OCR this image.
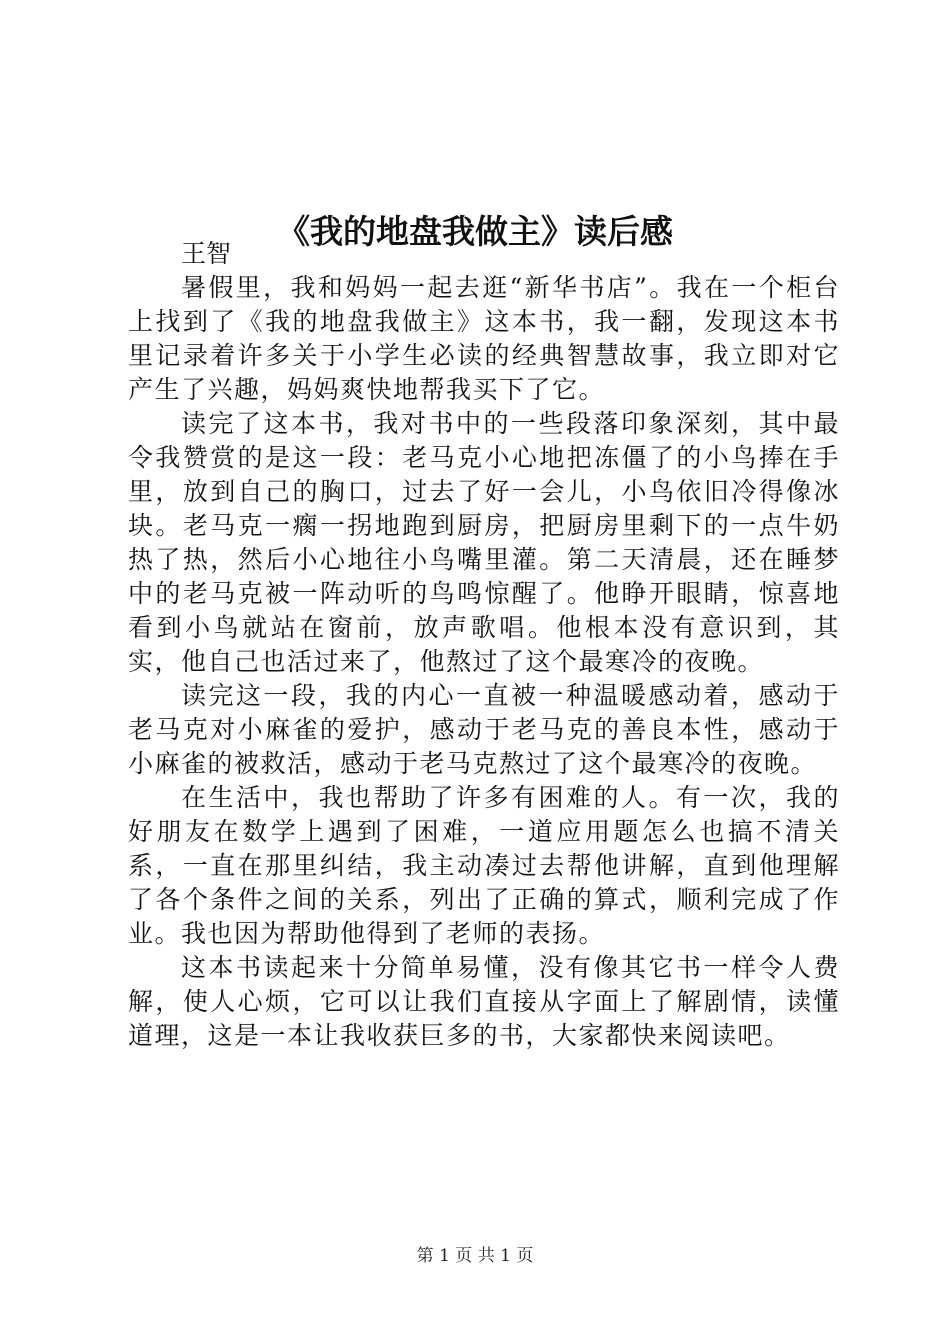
《我的地盘我做主》读后感

王智

暑假里，我和妈妈一起去逛“新华书店”。我在一个柜台上找到了《我的地盘我做主》这本书，我一翻，发现这本书里记录着许多关于小学生必读的经典智慧故事，我立即对它产生了兴趣，妈妈爽快地帮我买下了它。

读完了这本书，我对书中的一些段落印象深刻，其中最令我赞赏的是这一段：老马克小心地把冻僵了的小鸟捧在手里，放到自己的胸口，过去了好一会儿，小鸟依旧冷得像冰块。老马克一瘸一拐地跑到厨房，把厨房里剩下的一点牛奶热了热，然后小心地往小鸟嘴里灌。第二天清晨，还在睡梦中的老马克被一阵动听的鸟鸣惊醒了。他睁开眼睛，惊喜地看到小鸟就站在窗前，放声歌唱。他根本没有意识到，其实，他自己也活过来了，他熬过了这个最寒冷的夜晚。

读完这一段，我的内心一直被一种温暖感动着，感动于老马克对小麻雀的爱护，感动于老马克的善良本性，感动于小麻雀的被救活，感动于老马克熬过了这个最寒冷的夜晚。

在生活中，我也帮助了许多有困难的人。有一次，我的好朋友在数学上遇到了困难，一道应用题怎么也搞不清关系，一直在那里纠结，我主动凑过去帮他讲解，直到他理解了各个条件之间的关系，列出了正确的算式，顺利完成了作业。我也因为帮助他得到了老师的表扬。

这本书读起来十分简单易懂，没有像其它书一样令人费解，使人心烦，它可以让我们直接从字面上了解剧情，读懂道理，这是一本让我收获巨多的书，大家都快来阅读吧。

第 1 页 共 1 页
